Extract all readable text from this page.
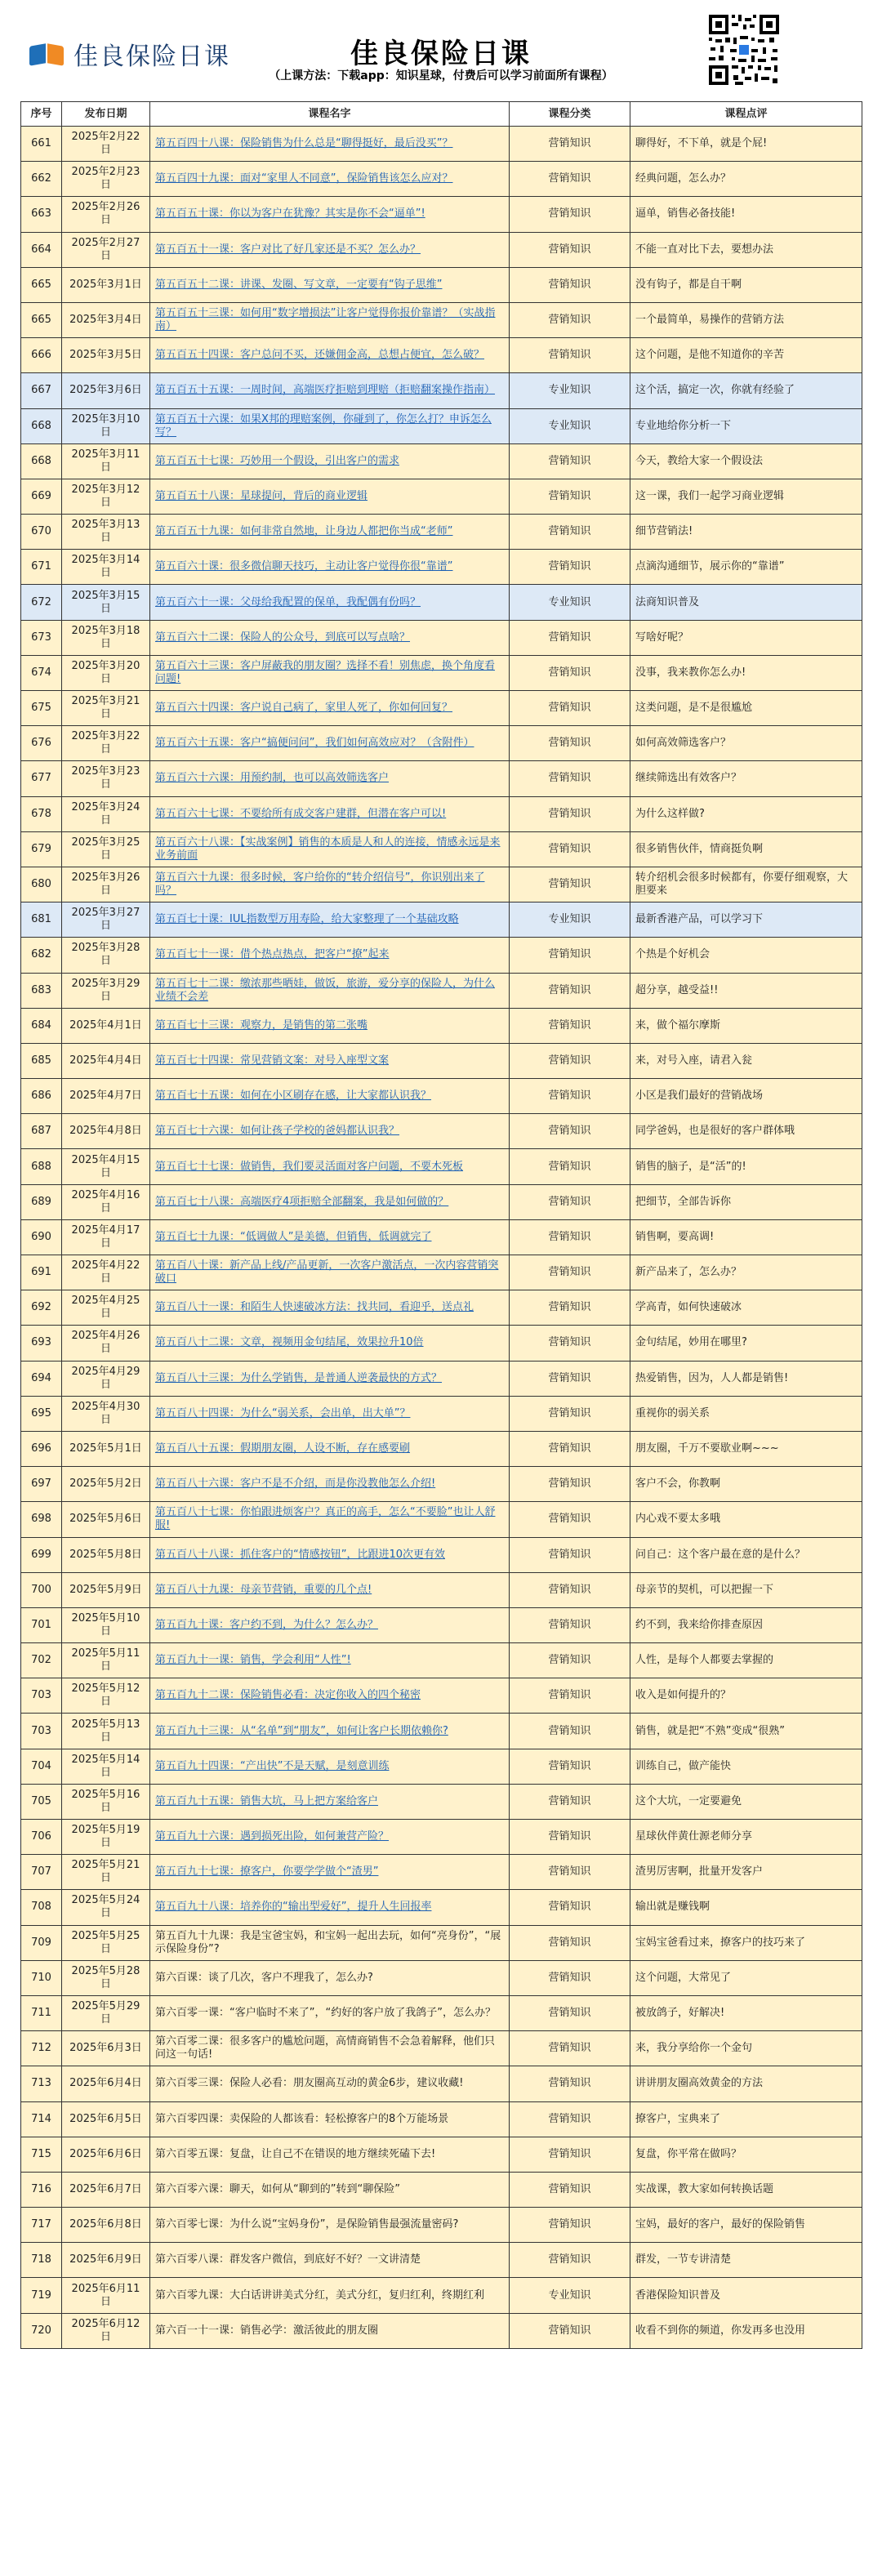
佳良保险日课	佳良保险日课
（上课方法：下载app：知识星球，付费后可以学习前面所有课程）
序号	发布日期	课程名字	课程分类	课程点评
661	2025年2月22日	第五百四十八课：保险销售为什么总是“聊得挺好，最后没买”？	营销知识	聊得好，不下单，就是个屁!
662	2025年2月23日	第五百四十九课：面对“家里人不同意”，保险销售该怎么应对？	营销知识	经典问题，怎么办？
663	2025年2月26日	第五百五十课：你以为客户在犹豫？其实是你不会“逼单”!	营销知识	逼单，销售必备技能!
664	2025年2月27日	第五百五十一课：客户对比了好几家还是不买？怎么办？	营销知识	不能一直对比下去，要想办法
665	2025年3月1日	第五百五十二课：讲课、发圈、写文章，一定要有“钩子思维”	营销知识	没有钩子，都是自干啊
665	2025年3月4日	第五百五十三课：如何用“数字增损法”让客户觉得你报价靠谱？（实战指南）	营销知识	一个最简单，易操作的营销方法
666	2025年3月5日	第五百五十四课：客户总问不买，还嫌佣金高，总想占便宜，怎么破？	营销知识	这个问题，是他不知道你的辛苦
667	2025年3月6日	第五百五十五课：一周时间，高端医疗拒赔到理赔（拒赔翻案操作指南）	专业知识	这个活，搞定一次，你就有经验了
668	2025年3月10日	第五百五十六课：如果X邦的理赔案例，你碰到了，你怎么打？申诉怎么写？	专业知识	专业地给你分析一下
668	2025年3月11日	第五百五十七课：巧妙用一个假设，引出客户的需求	营销知识	今天，教给大家一个假设法
669	2025年3月12日	第五百五十八课：星球提问，背后的商业逻辑	营销知识	这一课，我们一起学习商业逻辑
670	2025年3月13日	第五百五十九课：如何非常自然地，让身边人都把你当成“老师”	营销知识	细节营销法!
671	2025年3月14日	第五百六十课：很多微信聊天技巧，主动让客户觉得你很“靠谱”	营销知识	点滴沟通细节，展示你的“靠谱”
672	2025年3月15日	第五百六十一课：父母给我配置的保单，我配偶有份吗？	专业知识	法商知识普及
673	2025年3月18日	第五百六十二课：保险人的公众号，到底可以写点啥？	营销知识	写啥好呢？
674	2025年3月20日	第五百六十三课：客户屏蔽我的朋友圈？选择不看！别焦虑，换个角度看问题!	营销知识	没事，我来教你怎么办!
675	2025年3月21日	第五百六十四课：客户说自己病了，家里人死了，你如何回复？	营销知识	这类问题，是不是很尴尬
676	2025年3月22日	第五百六十五课：客户“搞便问问”，我们如何高效应对？（含附件）	营销知识	如何高效筛选客户？
677	2025年3月23日	第五百六十六课：用预约制，也可以高效筛选客户	营销知识	继续筛选出有效客户？
678	2025年3月24日	第五百六十七课：不要给所有成交客户建群，但潜在客户可以!	营销知识	为什么这样做?
679	2025年3月25日	第五百六十八课：【实战案例】销售的本质是人和人的连接，情感永远是来业务前面	营销知识	很多销售伙伴，情商挺负啊
680	2025年3月26日	第五百六十九课：很多时候，客户给你的“转介绍信号”，你识别出来了吗？	营销知识	转介绍机会很多时候都有，你要仔细观察，大胆要来
681	2025年3月27日	第五百七十课：IUL指数型万用寿险，给大家整理了一个基础攻略	专业知识	最新香港产品，可以学习下
682	2025年3月28日	第五百七十一课：借个热点热点，把客户“撩”起来	营销知识	个热是个好机会
683	2025年3月29日	第五百七十二课：缴浓那些晒娃，做饭，旅游，爱分享的保险人，为什么业绩不会差	营销知识	超分享，越受益!!
684	2025年4月1日	第五百七十三课：观察力，是销售的第二张嘴	营销知识	来，做个福尔摩斯
685	2025年4月4日	第五百七十四课：常见营销文案：对号入座型文案	营销知识	来，对号入座，请君入瓮
686	2025年4月7日	第五百七十五课：如何在小区刷存在感，让大家都认识我？	营销知识	小区是我们最好的营销战场
687	2025年4月8日	第五百七十六课：如何让孩子学校的爸妈都认识我？	营销知识	同学爸妈，也是很好的客户群体哦
688	2025年4月15日	第五百七十七课：做销售，我们要灵活面对客户问题，不要木死板	营销知识	销售的脑子，是“活”的!
689	2025年4月16日	第五百七十八课：高端医疗4项拒赔全部翻案，我是如何做的？	营销知识	把细节，全部告诉你
690	2025年4月17日	第五百七十九课：“低调做人”是美德，但销售，低调就完了	营销知识	销售啊，要高调!
691	2025年4月22日	第五百八十课：新产品上线/产品更新，一次客户激活点，一次内容营销突破口	营销知识	新产品来了，怎么办？
692	2025年4月25日	第五百八十一课：和陌生人快速破冰方法：找共同，看迎乎，送点礼	营销知识	学高青，如何快速破冰
693	2025年4月26日	第五百八十二课：文章，视频用金句结尾，效果拉升10倍	营销知识	金句结尾，妙用在哪里?
694	2025年4月29日	第五百八十三课：为什么学销售，是普通人逆袭最快的方式？	营销知识	热爱销售，因为，人人都是销售!
695	2025年4月30日	第五百八十四课：为什么“弱关系，会出单，出大单”？	营销知识	重视你的弱关系
696	2025年5月1日	第五百八十五课：假期朋友圈，人设不断，存在感要刷	营销知识	朋友圈，千万不要歇业啊~~~
697	2025年5月2日	第五百八十六课：客户不是不介绍，而是你没教他怎么介绍!	营销知识	客户不会，你教啊
698	2025年5月6日	第五百八十七课：你怕跟进烦客户？真正的高手，怎么“不要脸”也让人舒服!	营销知识	内心戏不要太多哦
699	2025年5月8日	第五百八十八课：抓住客户的“情感按钮”，比跟进10次更有效	营销知识	问自己：这个客户最在意的是什么？
700	2025年5月9日	第五百八十九课：母亲节营销，重要的几个点!	营销知识	母亲节的契机，可以把握一下
701	2025年5月10日	第五百九十课：客户约不到，为什么？怎么办？	营销知识	约不到，我来给你排查原因
702	2025年5月11日	第五百九十一课：销售，学会利用“人性”!	营销知识	人性，是每个人都要去掌握的
703	2025年5月12日	第五百九十二课：保险销售必看：决定你收入的四个秘密	营销知识	收入是如何提升的？
703	2025年5月13日	第五百九十三课：从“名单”到“朋友”，如何让客户长期依赖你?	营销知识	销售，就是把“不熟”变成“很熟”
704	2025年5月14日	第五百九十四课：“产出快”不是天赋，是刻意训练	营销知识	训练自己，做产能快
705	2025年5月16日	第五百九十五课：销售大坑，马上把方案给客户	营销知识	这个大坑，一定要避免
706	2025年5月19日	第五百九十六课：遇到损死出险，如何兼营产险？	营销知识	星球伙伴黄仕源老师分享
707	2025年5月21日	第五百九十七课：撩客户，你要学学做个“渣男”	营销知识	渣男厉害啊，批量开发客户
708	2025年5月24日	第五百九十八课：培养你的“输出型爱好”，提升人生回报率	营销知识	输出就是赚钱啊
709	2025年5月25日	第五百九十九课：我是宝爸宝妈，和宝妈一起出去玩，如何“亮身份”，“展示保险身份”?	营销知识	宝妈宝爸看过来，撩客户的技巧来了
710	2025年5月28日	第六百课：谈了几次，客户不理我了，怎么办?	营销知识	这个问题，大常见了
711	2025年5月29日	第六百零一课：“客户临时不来了”，“约好的客户放了我鸽子”，怎么办？	营销知识	被放鸽子，好解决!
712	2025年6月3日	第六百零二课：很多客户的尴尬问题，高情商销售不会急着解释，他们只问这一句话!	营销知识	来，我分享给你一个金句
713	2025年6月4日	第六百零三课：保险人必看：朋友圈高互动的黄金6步，建议收藏!	营销知识	讲讲朋友圈高效黄金的方法
714	2025年6月5日	第六百零四课：卖保险的人都该看：轻松撩客户的8个万能场景	营销知识	撩客户，宝典来了
715	2025年6月6日	第六百零五课：复盘，让自己不在错误的地方继续死磕下去!	营销知识	复盘，你平常在做吗？
716	2025年6月7日	第六百零六课：聊天，如何从“聊到的”转到“聊保险”	营销知识	实战课，教大家如何转换话题
717	2025年6月8日	第六百零七课：为什么说“宝妈身份”，是保险销售最强流量密码?	营销知识	宝妈，最好的客户，最好的保险销售
718	2025年6月9日	第六百零八课：群发客户微信，到底好不好？一文讲清楚	营销知识	群发，一节专讲清楚
719	2025年6月11日	第六百零九课：大白话讲讲美式分红，美式分红，复归红利，终期红利	专业知识	香港保险知识普及
720	2025年6月12日	第六百一十一课：销售必学：激活彼此的朋友圈	营销知识	收看不到你的频道，你发再多也没用
